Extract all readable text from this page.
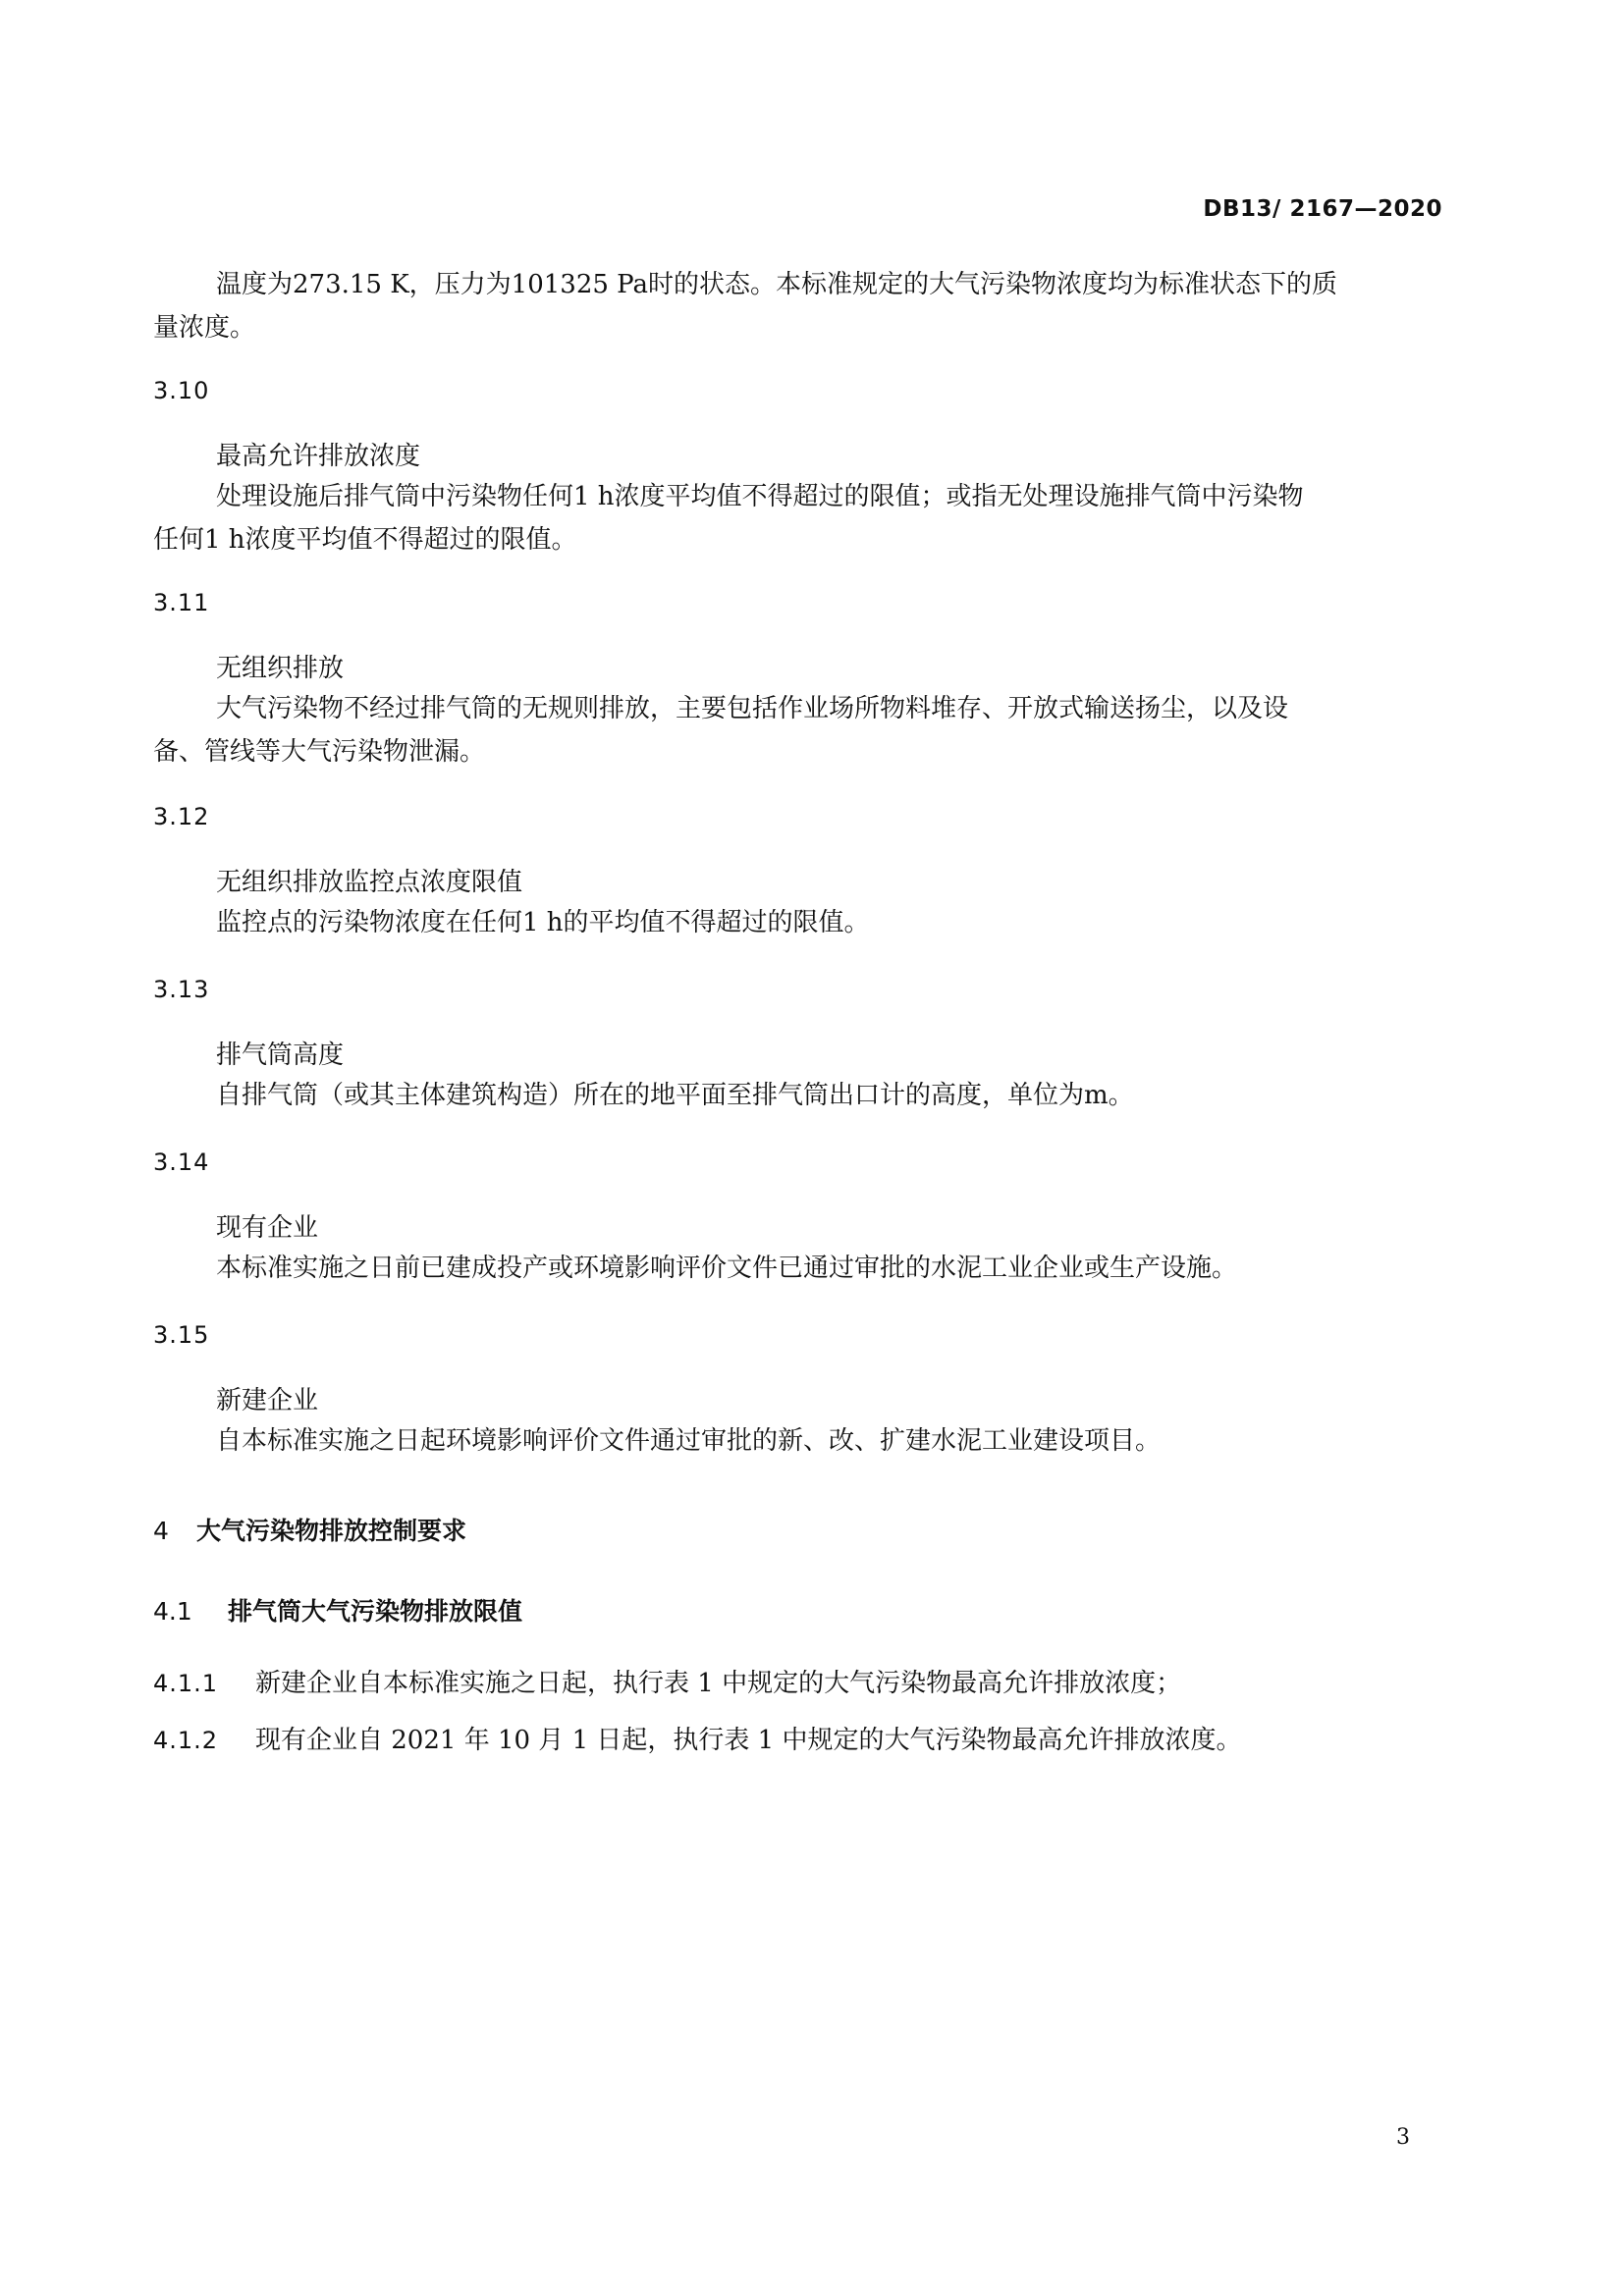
DB13/ 2167—2020
温度为273.15 K，压力为101325 Pa时的状态。本标准规定的大气污染物浓度均为标准状态下的质
量浓度。
3.10
最高允许排放浓度
处理设施后排气筒中污染物任何1 h浓度平均值不得超过的限值；或指无处理设施排气筒中污染物
任何1 h浓度平均值不得超过的限值。
3.11
无组织排放
大气污染物不经过排气筒的无规则排放，主要包括作业场所物料堆存、开放式输送扬尘，以及设
备、管线等大气污染物泄漏。
3.12
无组织排放监控点浓度限值
监控点的污染物浓度在任何1 h的平均值不得超过的限值。
3.13
排气筒高度
自排气筒（或其主体建筑构造）所在的地平面至排气筒出口计的高度，单位为m。
3.14
现有企业
本标准实施之日前已建成投产或环境影响评价文件已通过审批的水泥工业企业或生产设施。
3.15
新建企业
自本标准实施之日起环境影响评价文件通过审批的新、改、扩建水泥工业建设项目。
4 大气污染物排放控制要求
4.1 排气筒大气污染物排放限值
4.1.1 新建企业自本标准实施之日起，执行表 1 中规定的大气污染物最高允许排放浓度；
4.1.2 现有企业自 2021 年 10 月 1 日起，执行表 1 中规定的大气污染物最高允许排放浓度。
3
